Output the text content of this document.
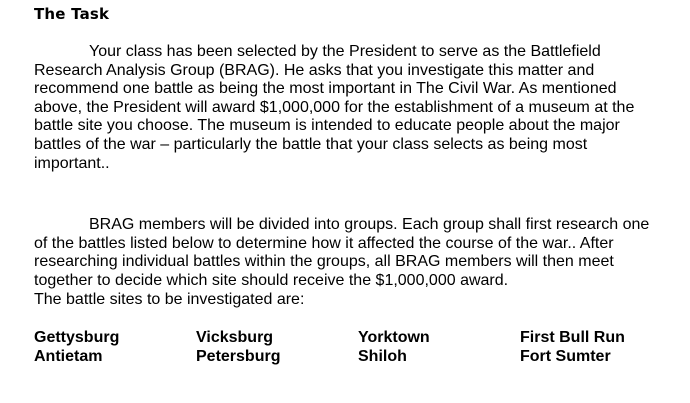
The Task

Your class has been selected by the President to serve as the Battlefield
Research Analysis Group (BRAG). He asks that you investigate this matter and
recommend one battle as being the most important in The Civil War. As mentioned
above, the President will award $1,000,000 for the establishment of a museum at the
battle site you choose. The museum is intended to educate people about the major
battles of the war – particularly the battle that your class selects as being most
important..

BRAG members will be divided into groups. Each group shall first research one
of the battles listed below to determine how it affected the course of the war.. After
researching individual battles within the groups, all BRAG members will then meet
together to decide which site should receive the $1,000,000 award.

The battle sites to be investigated are:

Gettysburg	Vicksburg	Yorktown	First Bull Run
Antietam	Petersburg	Shiloh	Fort Sumter
